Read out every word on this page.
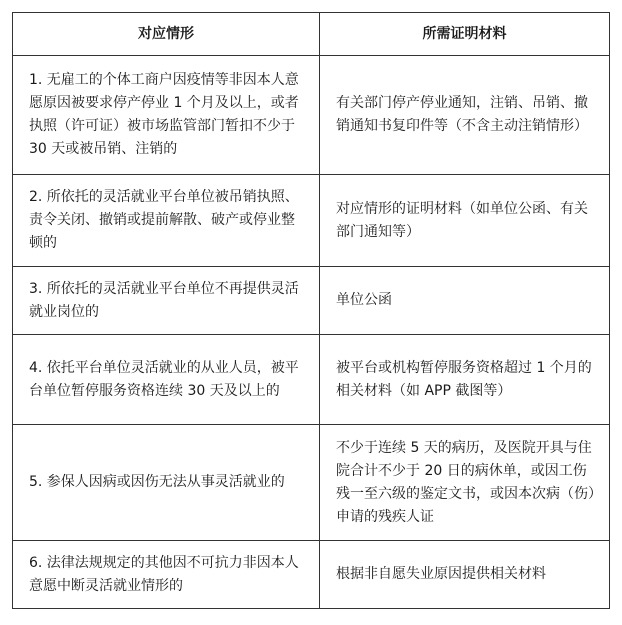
对应情形	所需证明材料
1. 无雇工的个体工商户因疫情等非因本人意愿原因被要求停产停业 1 个月及以上，或者执照（许可证）被市场监管部门暂扣不少于 30 天或被吊销、注销的	有关部门停产停业通知，注销、吊销、撤销通知书复印件等（不含主动注销情形）
2. 所依托的灵活就业平台单位被吊销执照、责令关闭、撤销或提前解散、破产或停业整顿的	对应情形的证明材料（如单位公函、有关部门通知等）
3. 所依托的灵活就业平台单位不再提供灵活就业岗位的	单位公函
4. 依托平台单位灵活就业的从业人员，被平台单位暂停服务资格连续 30 天及以上的	被平台或机构暂停服务资格超过 1 个月的相关材料（如 APP 截图等）
5. 参保人因病或因伤无法从事灵活就业的	不少于连续 5 天的病历，及医院开具与住院合计不少于 20 日的病休单，或因工伤残一至六级的鉴定文书，或因本次病（伤）申请的残疾人证
6. 法律法规规定的其他因不可抗力非因本人意愿中断灵活就业情形的	根据非自愿失业原因提供相关材料
